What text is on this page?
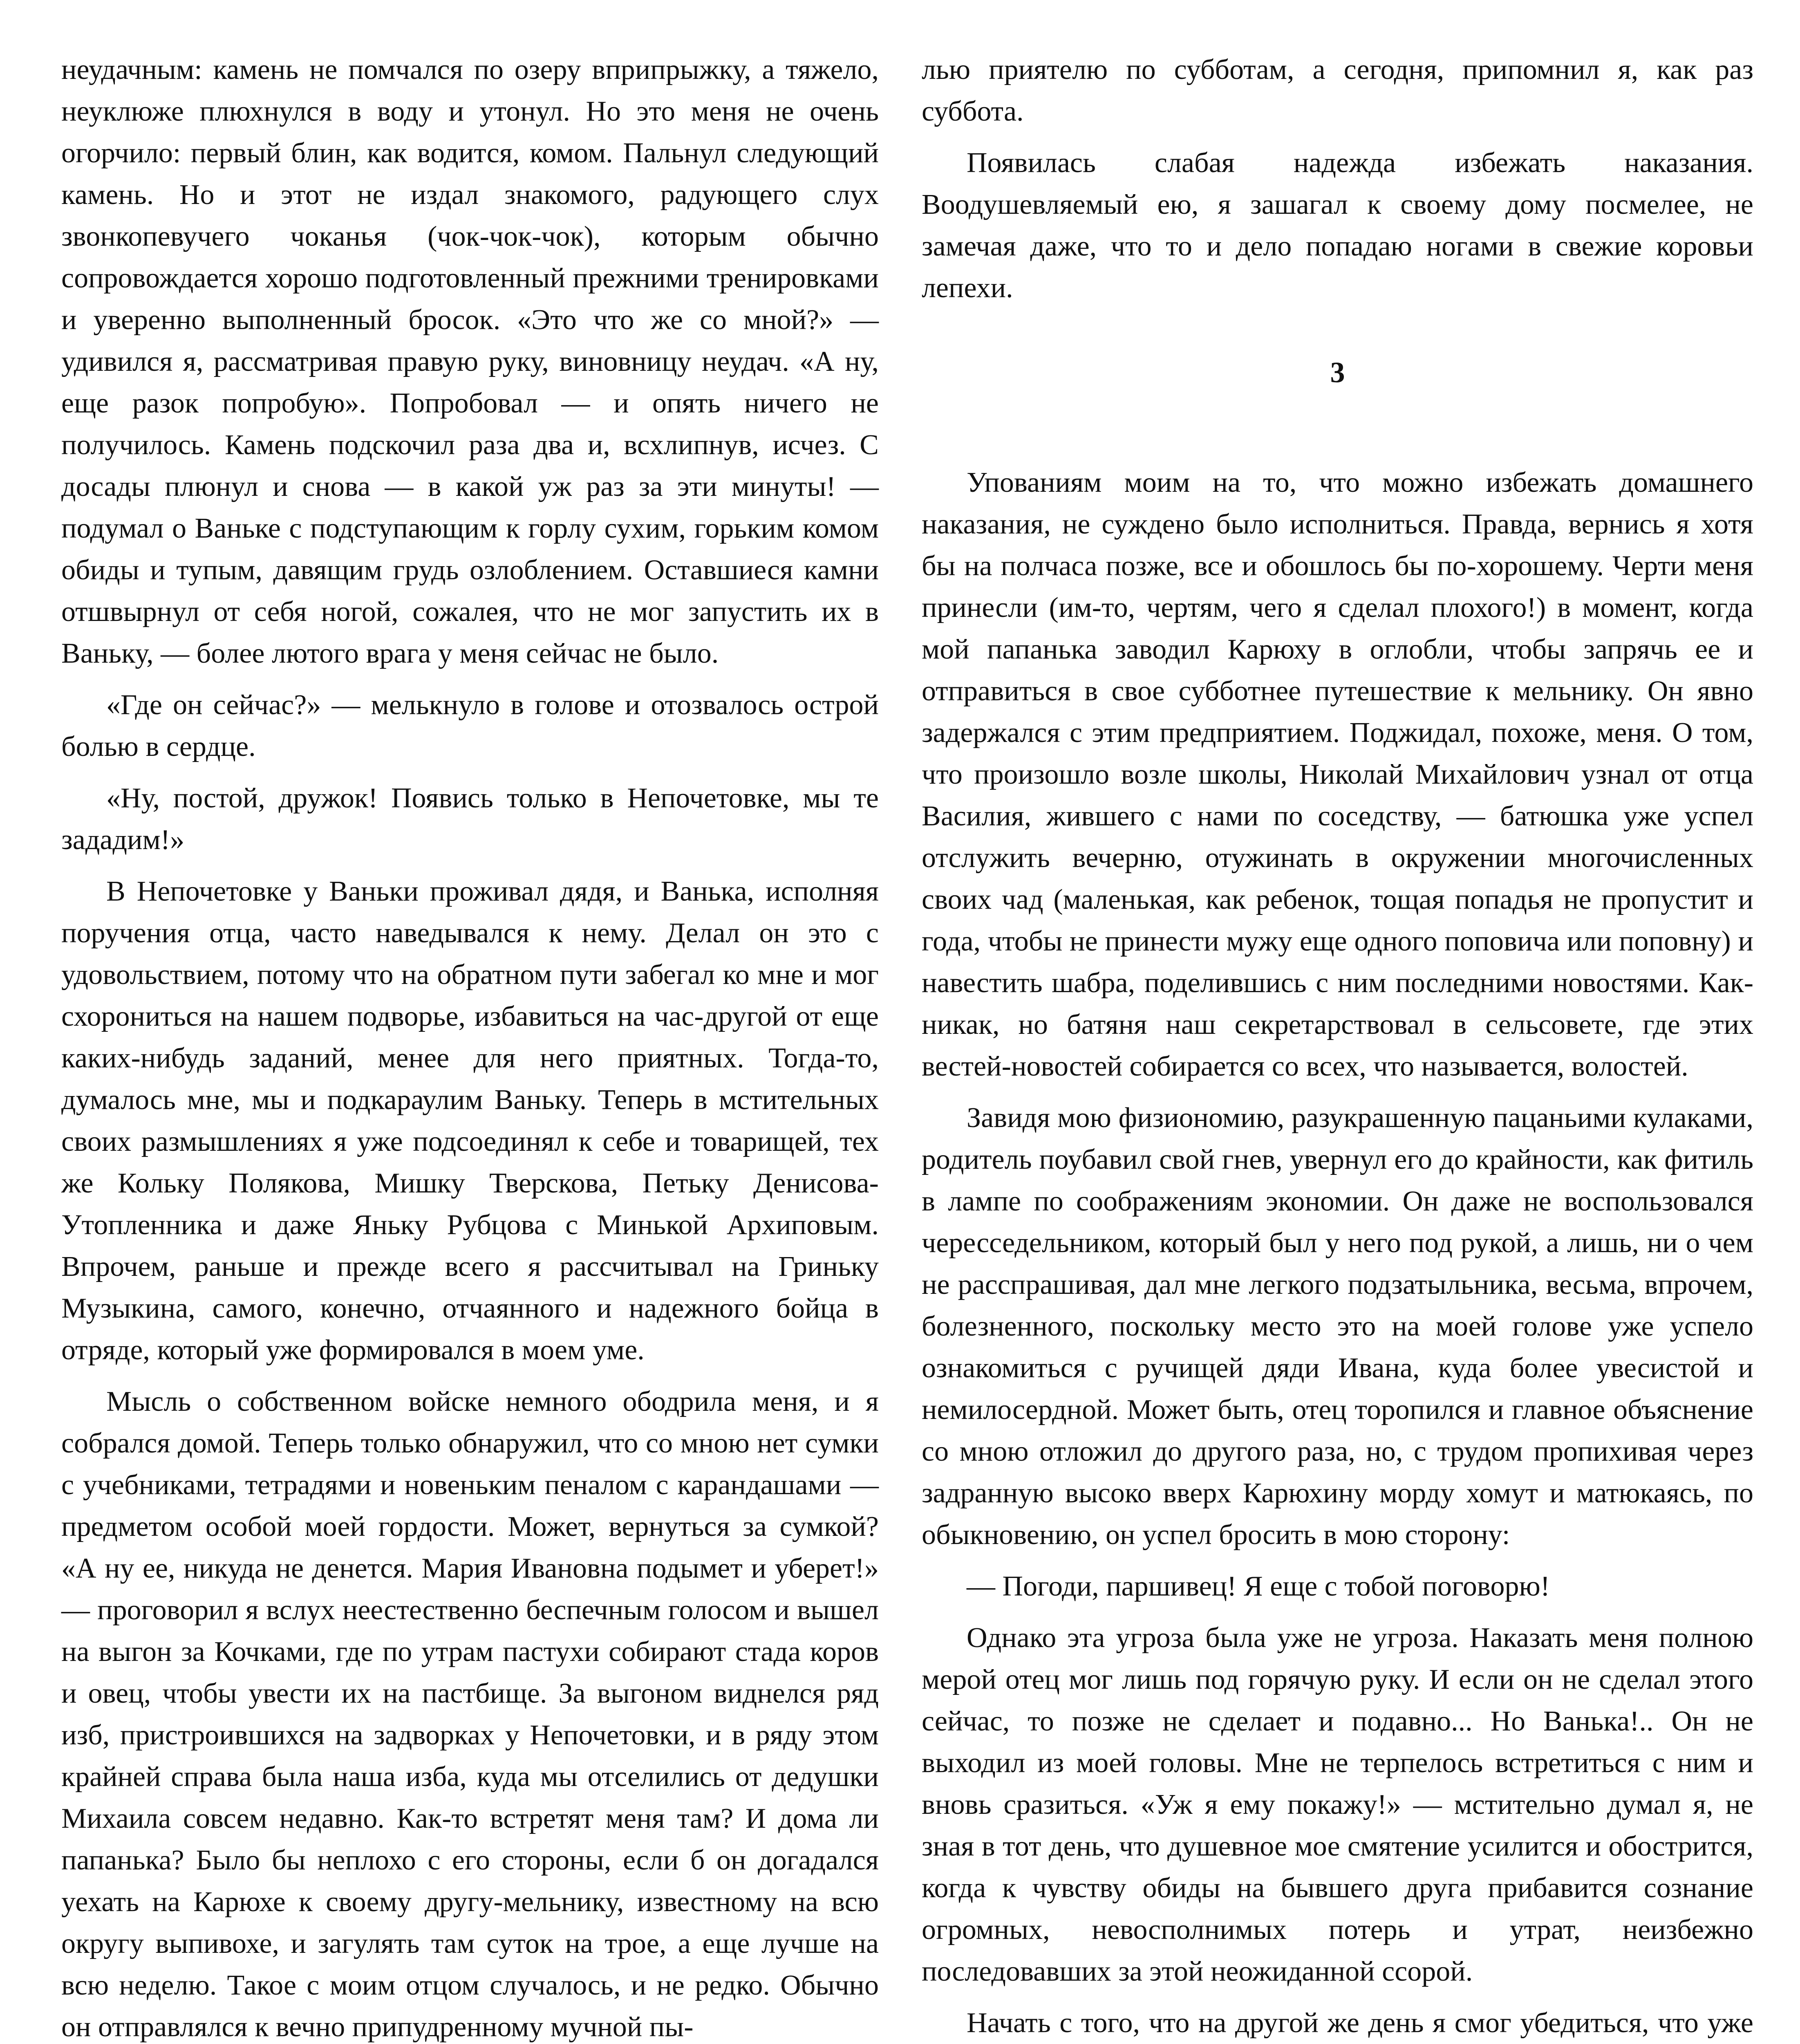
неудачным: камень не помчался по озеру вприпрыжку, а тяжело, неуклюже плюхнулся в воду и утонул. Но это меня не очень огорчило: первый блин, как водится, комом. Пальнул следующий камень. Но и этот не издал знакомого, радующего слух звонкопевучего чоканья (чок-чок-чок), которым обычно сопровождается хорошо подготовленный прежними тренировками и уверенно выполненный бросок. «Это что же со мной?» — удивился я, рассматривая правую руку, виновницу неудач. «А ну, еще разок попробую». Попробовал — и опять ничего не получилось. Камень подскочил раза два и, всхлипнув, исчез. С досады плюнул и снова — в какой уж раз за эти минуты! — подумал о Ваньке с подступающим к горлу сухим, горьким комом обиды и тупым, давящим грудь озлоблением. Оставшиеся камни отшвырнул от себя ногой, сожалея, что не мог запустить их в Ваньку, — более лютого врага у меня сейчас не было.

«Где он сейчас?» — мелькнуло в голове и отозвалось острой болью в сердце.

«Ну, постой, дружок! Появись только в Непочетовке, мы те зададим!»

В Непочетовке у Ваньки проживал дядя, и Ванька, исполняя поручения отца, часто наведывался к нему. Делал он это с удовольствием, потому что на обратном пути забегал ко мне и мог схорониться на нашем подворье, избавиться на час-другой от еще каких-нибудь заданий, менее для него приятных. Тогда-то, думалось мне, мы и подкараулим Ваньку. Теперь в мстительных своих размышлениях я уже подсоединял к себе и товарищей, тех же Кольку Полякова, Мишку Тверскова, Петьку Денисова-Утопленника и даже Яньку Рубцова с Минькой Архиповым. Впрочем, раньше и прежде всего я рассчитывал на Гриньку Музыкина, самого, конечно, отчаянного и надежного бойца в отряде, который уже формировался в моем уме.

Мысль о собственном войске немного ободрила меня, и я собрался домой. Теперь только обнаружил, что со мною нет сумки с учебниками, тетрадями и новеньким пеналом с карандашами — предметом особой моей гордости. Может, вернуться за сумкой? «А ну ее, никуда не денется. Мария Ивановна подымет и уберет!» — проговорил я вслух неестественно беспечным голосом и вышел на выгон за Кочками, где по утрам пастухи собирают стада коров и овец, чтобы увести их на пастбище. За выгоном виднелся ряд изб, пристроившихся на задворках у Непочетовки, и в ряду этом крайней справа была наша изба, куда мы отселились от дедушки Михаила совсем недавно. Как-то встретят меня там? И дома ли папанька? Было бы неплохо с его стороны, если б он догадался уехать на Карюхе к своему другу-мельнику, известному на всю округу выпивохе, и загулять там суток на трое, а еще лучше на всю неделю. Такое с моим отцом случалось, и не редко. Обычно он отправлялся к вечно припудренному мучной пы-

лью приятелю по субботам, а сегодня, припомнил я, как раз суббота.

Появилась слабая надежда избежать наказания. Воодушевляемый ею, я зашагал к своему дому посмелее, не замечая даже, что то и дело попадаю ногами в свежие коровьи лепехи.

3

Упованиям моим на то, что можно избежать домашнего наказания, не суждено было исполниться. Правда, вернись я хотя бы на полчаса позже, все и обошлось бы по-хорошему. Черти меня принесли (им-то, чертям, чего я сделал плохого!) в момент, когда мой папанька заводил Карюху в оглобли, чтобы запрячь ее и отправиться в свое субботнее путешествие к мельнику. Он явно задержался с этим предприятием. Поджидал, похоже, меня. О том, что произошло возле школы, Николай Михайлович узнал от отца Василия, жившего с нами по соседству, — батюшка уже успел отслужить вечерню, отужинать в окружении многочисленных своих чад (маленькая, как ребенок, тощая попадья не пропустит и года, чтобы не принести мужу еще одного поповича или поповну) и навестить шабра, поделившись с ним последними новостями. Как-никак, но батяня наш секретарствовал в сельсовете, где этих вестей-новостей собирается со всех, что называется, волостей.

Завидя мою физиономию, разукрашенную пацаньими кулаками, родитель поубавил свой гнев, увернул его до крайности, как фитиль в лампе по соображениям экономии. Он даже не воспользовался чересседельником, который был у него под рукой, а лишь, ни о чем не расспрашивая, дал мне легкого подзатыльника, весьма, впрочем, болезненного, поскольку место это на моей голове уже успело ознакомиться с ручищей дяди Ивана, куда более увесистой и немилосердной. Может быть, отец торопился и главное объяснение со мною отложил до другого раза, но, с трудом пропихивая через задранную высоко вверх Карюхину морду хомут и матюкаясь, по обыкновению, он успел бросить в мою сторону:

— Погоди, паршивец! Я еще с тобой поговорю!

Однако эта угроза была уже не угроза. Наказать меня полною мерой отец мог лишь под горячую руку. И если он не сделал этого сейчас, то позже не сделает и подавно... Но Ванька!.. Он не выходил из моей головы. Мне не терпелось встретиться с ним и вновь сразиться. «Уж я ему покажу!» — мстительно думал я, не зная в тот день, что душевное мое смятение усилится и обострится, когда к чувству обиды на бывшего друга прибавится сознание огромных, невосполнимых потерь и утрат, неизбежно последовавших за этой неожиданной ссорой.

Начать с того, что на другой же день я смог убедиться, что уже
